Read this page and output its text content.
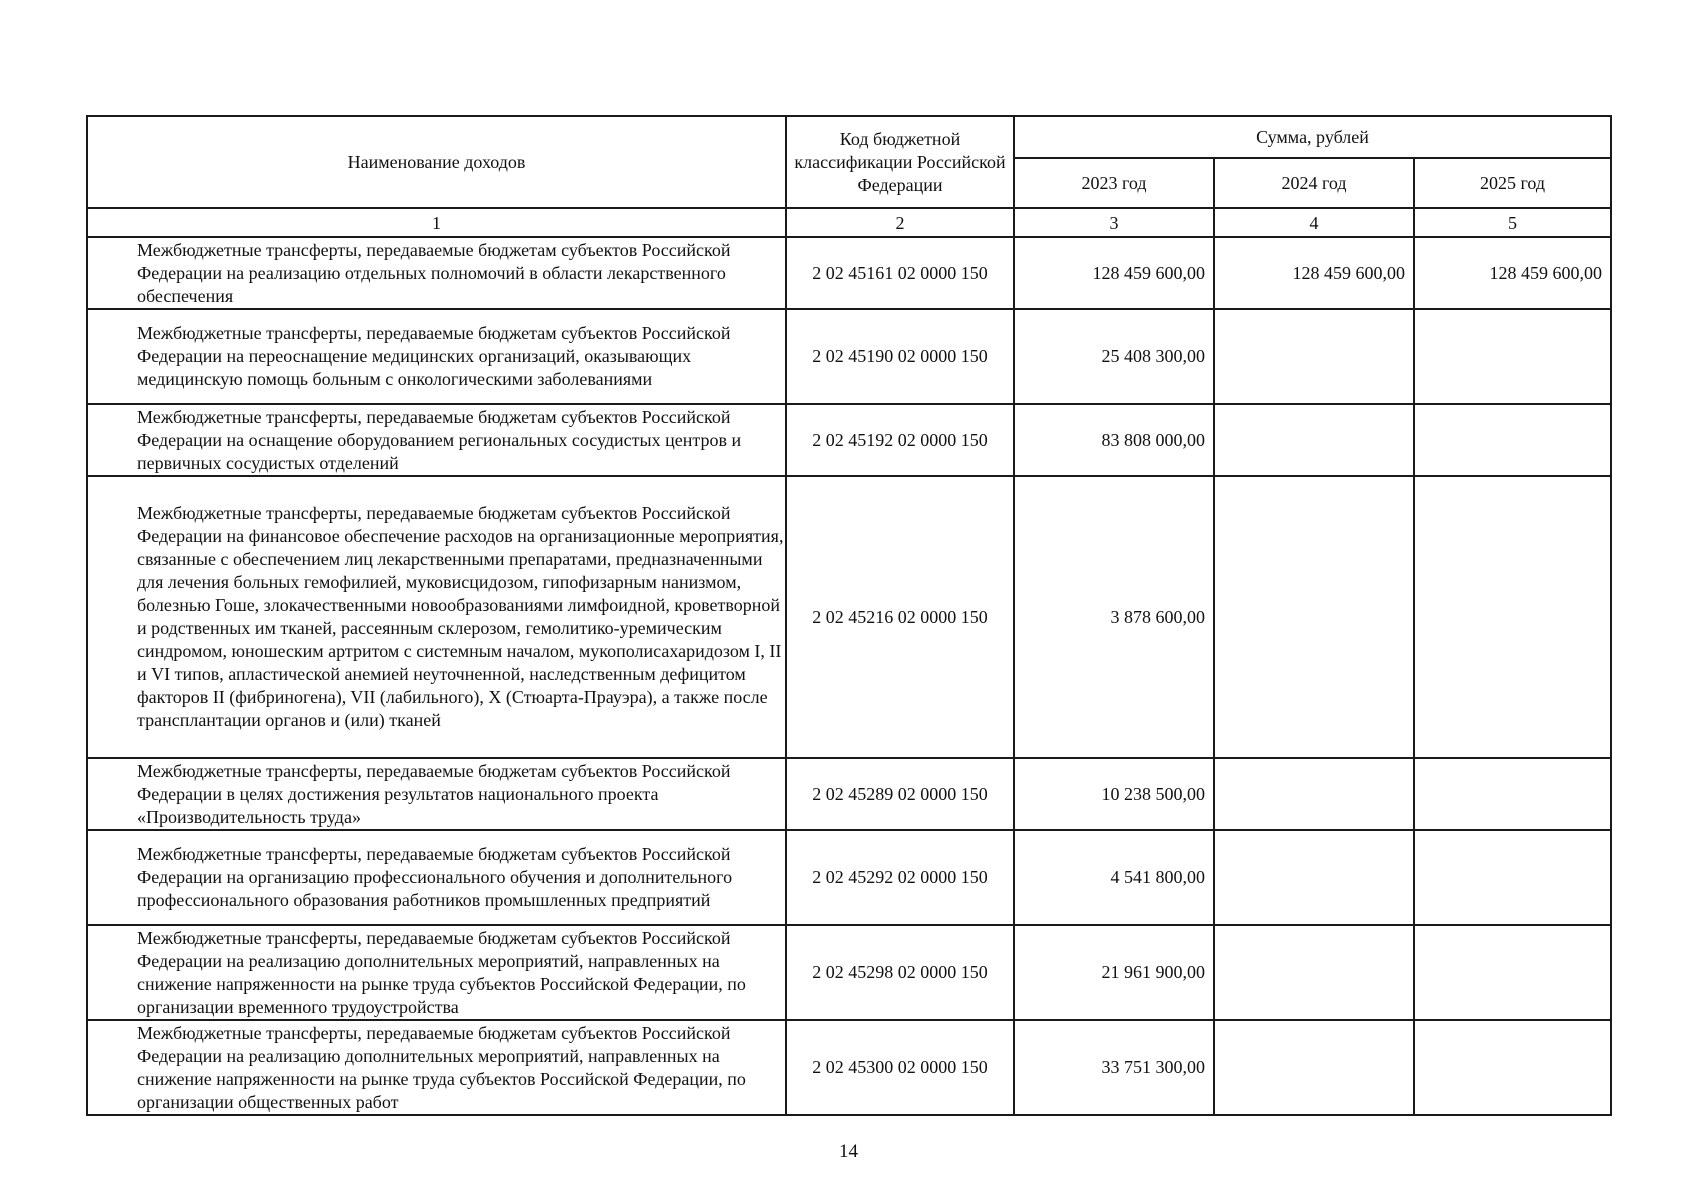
Наименование доходов	Код бюджетной классификации Российской Федерации	Сумма, рублей		
		2023 год	2024 год	2025 год
1	2	3	4	5
Межбюджетные трансферты, передаваемые бюджетам субъектов Российской Федерации на реализацию отдельных полномочий в области лекарственного обеспечения	2 02 45161 02 0000 150	128 459 600,00	128 459 600,00	128 459 600,00
Межбюджетные трансферты, передаваемые бюджетам субъектов Российской Федерации на переоснащение медицинских организаций, оказывающих медицинскую помощь больным с онкологическими заболеваниями	2 02 45190 02 0000 150	25 408 300,00		
Межбюджетные трансферты, передаваемые бюджетам субъектов Российской Федерации на оснащение оборудованием региональных сосудистых центров и первичных сосудистых отделений	2 02 45192 02 0000 150	83 808 000,00		
Межбюджетные трансферты, передаваемые бюджетам субъектов Российской Федерации на финансовое обеспечение расходов на организационные мероприятия, связанные с обеспечением лиц лекарственными препаратами, предназначенными для лечения больных гемофилией, муковисцидозом, гипофизарным нанизмом, болезнью Гоше, злокачественными новообразованиями лимфоидной, кроветворной и родственных им тканей, рассеянным склерозом, гемолитико-уремическим синдромом, юношеским артритом с системным началом, мукополисахаридозом I, II и VI типов, апластической анемией неуточненной, наследственным дефицитом факторов II (фибриногена), VII (лабильного), X (Стюарта-Прауэра), а также после трансплантации органов и (или) тканей	2 02 45216 02 0000 150	3 878 600,00		
Межбюджетные трансферты, передаваемые бюджетам субъектов Российской Федерации в целях достижения результатов национального проекта «Производительность труда»	2 02 45289 02 0000 150	10 238 500,00		
Межбюджетные трансферты, передаваемые бюджетам субъектов Российской Федерации на организацию профессионального обучения и дополнительного профессионального образования работников промышленных предприятий	2 02 45292 02 0000 150	4 541 800,00		
Межбюджетные трансферты, передаваемые бюджетам субъектов Российской Федерации на реализацию дополнительных мероприятий, направленных на снижение напряженности на рынке труда субъектов Российской Федерации, по организации временного трудоустройства	2 02 45298 02 0000 150	21 961 900,00		
Межбюджетные трансферты, передаваемые бюджетам субъектов Российской Федерации на реализацию дополнительных мероприятий, направленных на снижение напряженности на рынке труда субъектов Российской Федерации, по организации общественных работ	2 02 45300 02 0000 150	33 751 300,00		
14
